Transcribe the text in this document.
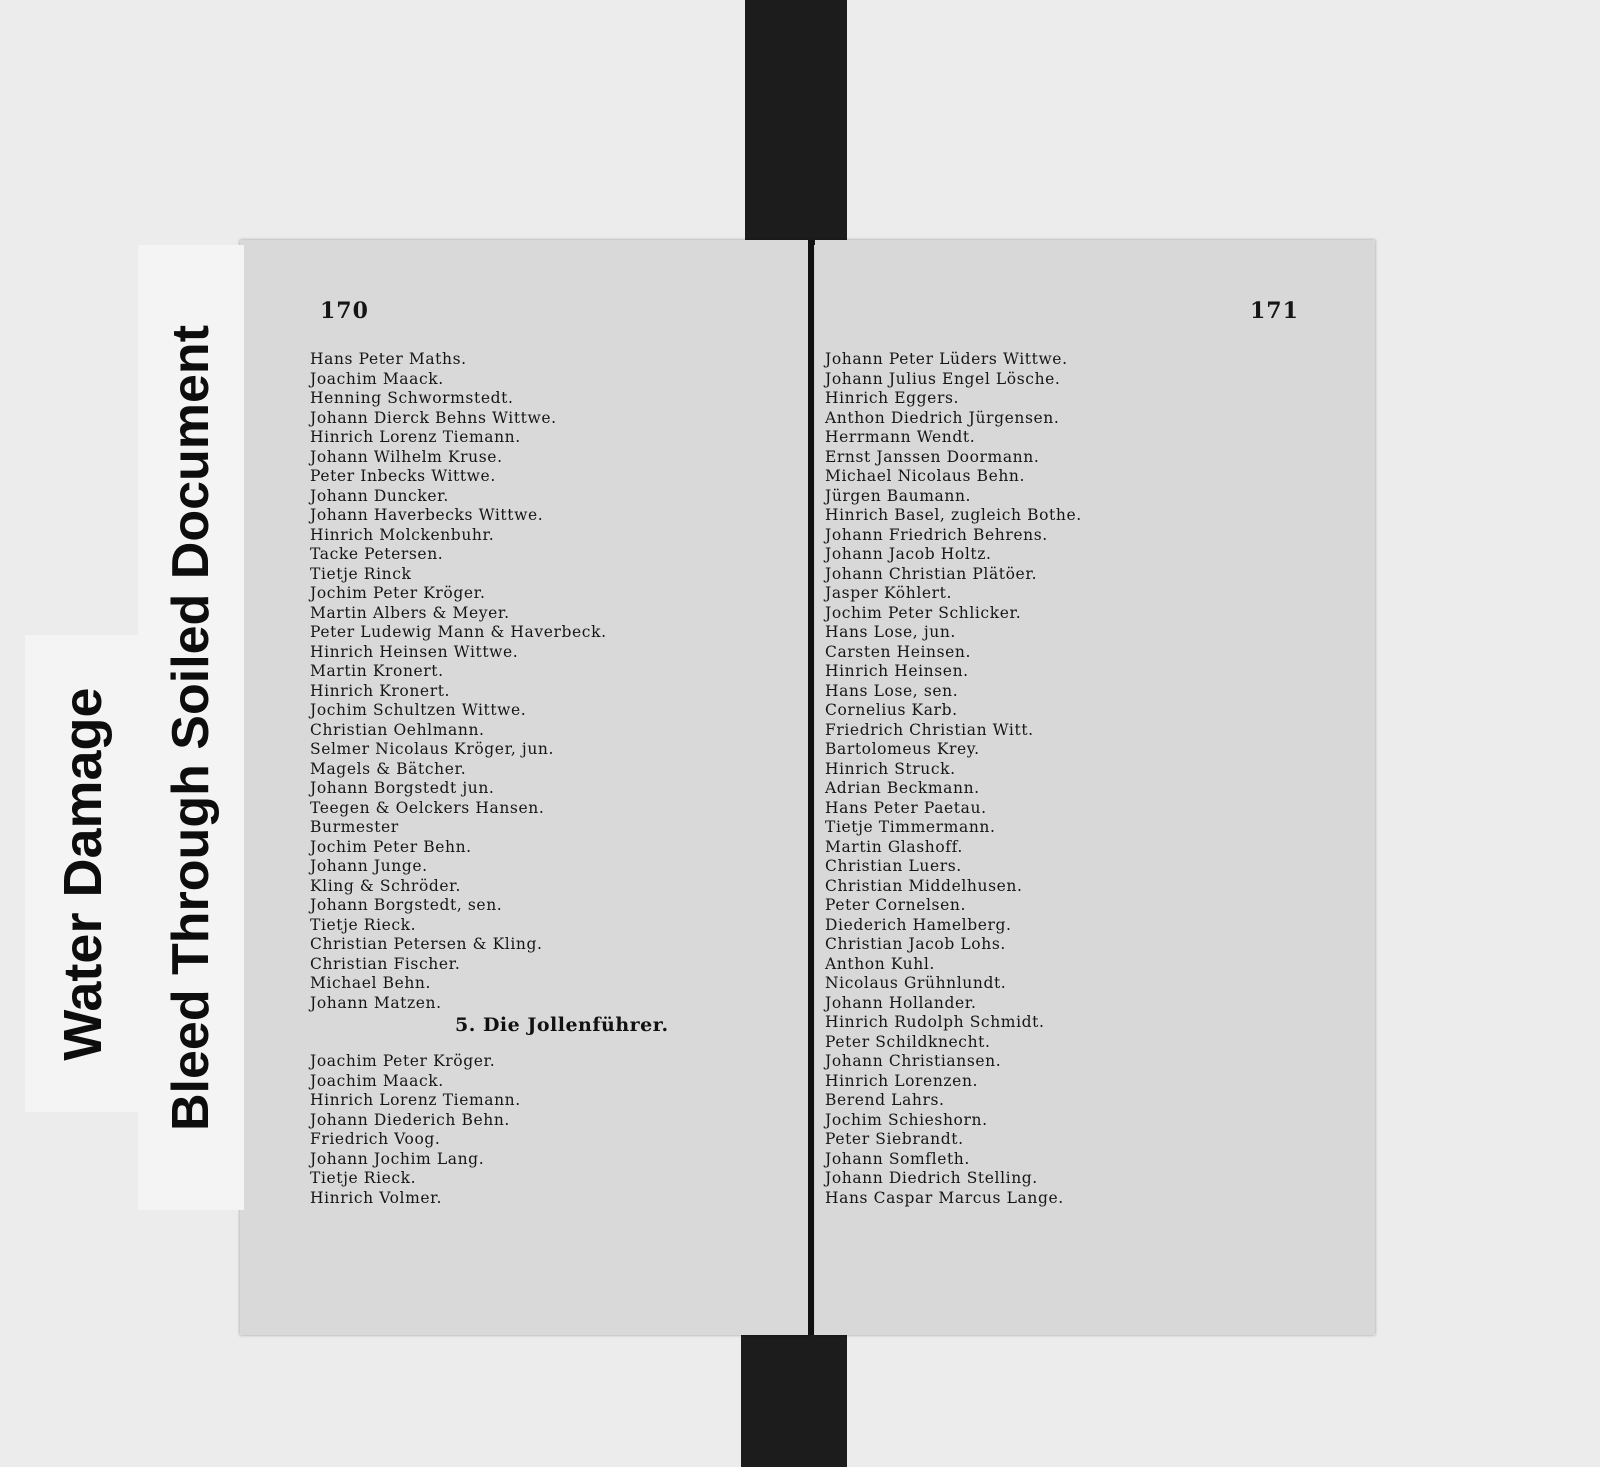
170
Hans Peter Maths.
Joachim Maack.
Henning Schwormstedt.
Johann Dierck Behns Wittwe.
Hinrich Lorenz Tiemann.
Johann Wilhelm Kruse.
Peter Inbecks Wittwe.
Johann Duncker.
Johann Haverbecks Wittwe.
Hinrich Molckenbuhr.
Tacke Petersen.
Tietje Rinck
Jochim Peter Kröger.
Martin Albers & Meyer.
Peter Ludewig Mann & Haverbeck.
Hinrich Heinsen Wittwe.
Martin Kronert.
Hinrich Kronert.
Jochim Schultzen Wittwe.
Christian Oehlmann.
Selmer Nicolaus Kröger, jun.
Magels & Bätcher.
Johann Borgstedt jun.
Teegen & Oelckers Hansen.
Burmester
Jochim Peter Behn.
Johann Junge.
Kling & Schröder.
Johann Borgstedt, sen.
Tietje Rieck.
Christian Petersen & Kling.
Christian Fischer.
Michael Behn.
Johann Matzen.
5. Die Jollenführer.
Joachim Peter Kröger.
Joachim Maack.
Hinrich Lorenz Tiemann.
Johann Diederich Behn.
Friedrich Voog.
Johann Jochim Lang.
Tietje Rieck.
Hinrich Volmer.
171
Johann Peter Lüders Wittwe.
Johann Julius Engel Lösche.
Hinrich Eggers.
Anthon Diedrich Jürgensen.
Herrmann Wendt.
Ernst Janssen Doormann.
Michael Nicolaus Behn.
Jürgen Baumann.
Hinrich Basel, zugleich Bothe.
Johann Friedrich Behrens.
Johann Jacob Holtz.
Johann Christian Plätöer.
Jasper Köhlert.
Jochim Peter Schlicker.
Hans Lose, jun.
Carsten Heinsen.
Hinrich Heinsen.
Hans Lose, sen.
Cornelius Karb.
Friedrich Christian Witt.
Bartolomeus Krey.
Hinrich Struck.
Adrian Beckmann.
Hans Peter Paetau.
Tietje Timmermann.
Martin Glashoff.
Christian Luers.
Christian Middelhusen.
Peter Cornelsen.
Diederich Hamelberg.
Christian Jacob Lohs.
Anthon Kuhl.
Nicolaus Grühnlundt.
Johann Hollander.
Hinrich Rudolph Schmidt.
Peter Schildknecht.
Johann Christiansen.
Hinrich Lorenzen.
Berend Lahrs.
Jochim Schieshorn.
Peter Siebrandt.
Johann Somfleth.
Johann Diedrich Stelling.
Hans Caspar Marcus Lange.
Water Damage Bleed Through Soiled Document
